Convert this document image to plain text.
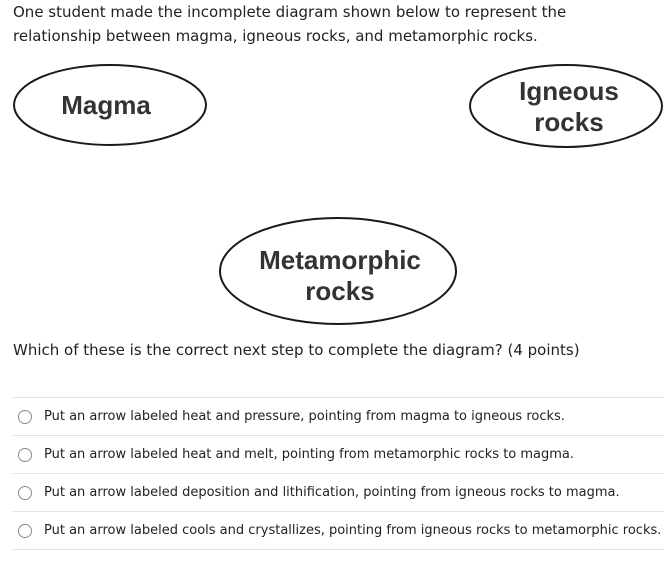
One student made the incomplete diagram shown below to represent the relationship between magma, igneous rocks, and metamorphic rocks.
Magma	Igneous
rocks
Metamorphic
rocks
Which of these is the correct next step to complete the diagram? (4 points)
Put an arrow labeled heat and pressure, pointing from magma to igneous rocks.
Put an arrow labeled heat and melt, pointing from metamorphic rocks to magma.
Put an arrow labeled deposition and lithification, pointing from igneous rocks to magma.
Put an arrow labeled cools and crystallizes, pointing from igneous rocks to metamorphic rocks.
